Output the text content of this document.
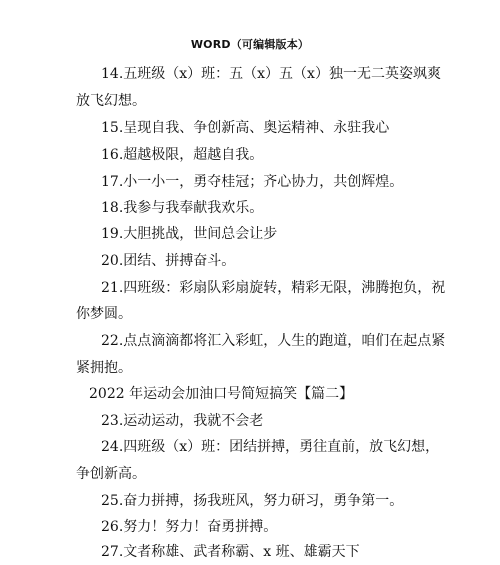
WORD（可编辑版本）
14.五班级（x）班：五（x）五（x）独一无二英姿飒爽
放飞幻想。
15.呈现自我、争创新高、奥运精神、永驻我心
16.超越极限，超越自我。
17.小一小一，勇夺桂冠；齐心协力，共创辉煌。
18.我参与我奉献我欢乐。
19.大胆挑战，世间总会让步
20.团结、拼搏奋斗。
21.四班级：彩扇队彩扇旋转，精彩无限，沸腾抱负，祝
你梦圆。
22.点点滴滴都将汇入彩虹，人生的跑道，咱们在起点紧
紧拥抱。
2022 年运动会加油口号简短搞笑【篇二】
23.运动运动，我就不会老
24.四班级（x）班：团结拼搏，勇往直前，放飞幻想，
争创新高。
25.奋力拼搏，扬我班风，努力研习，勇争第一。
26.努力！努力！奋勇拼搏。
27.文者称雄、武者称霸、x 班、雄霸天下
